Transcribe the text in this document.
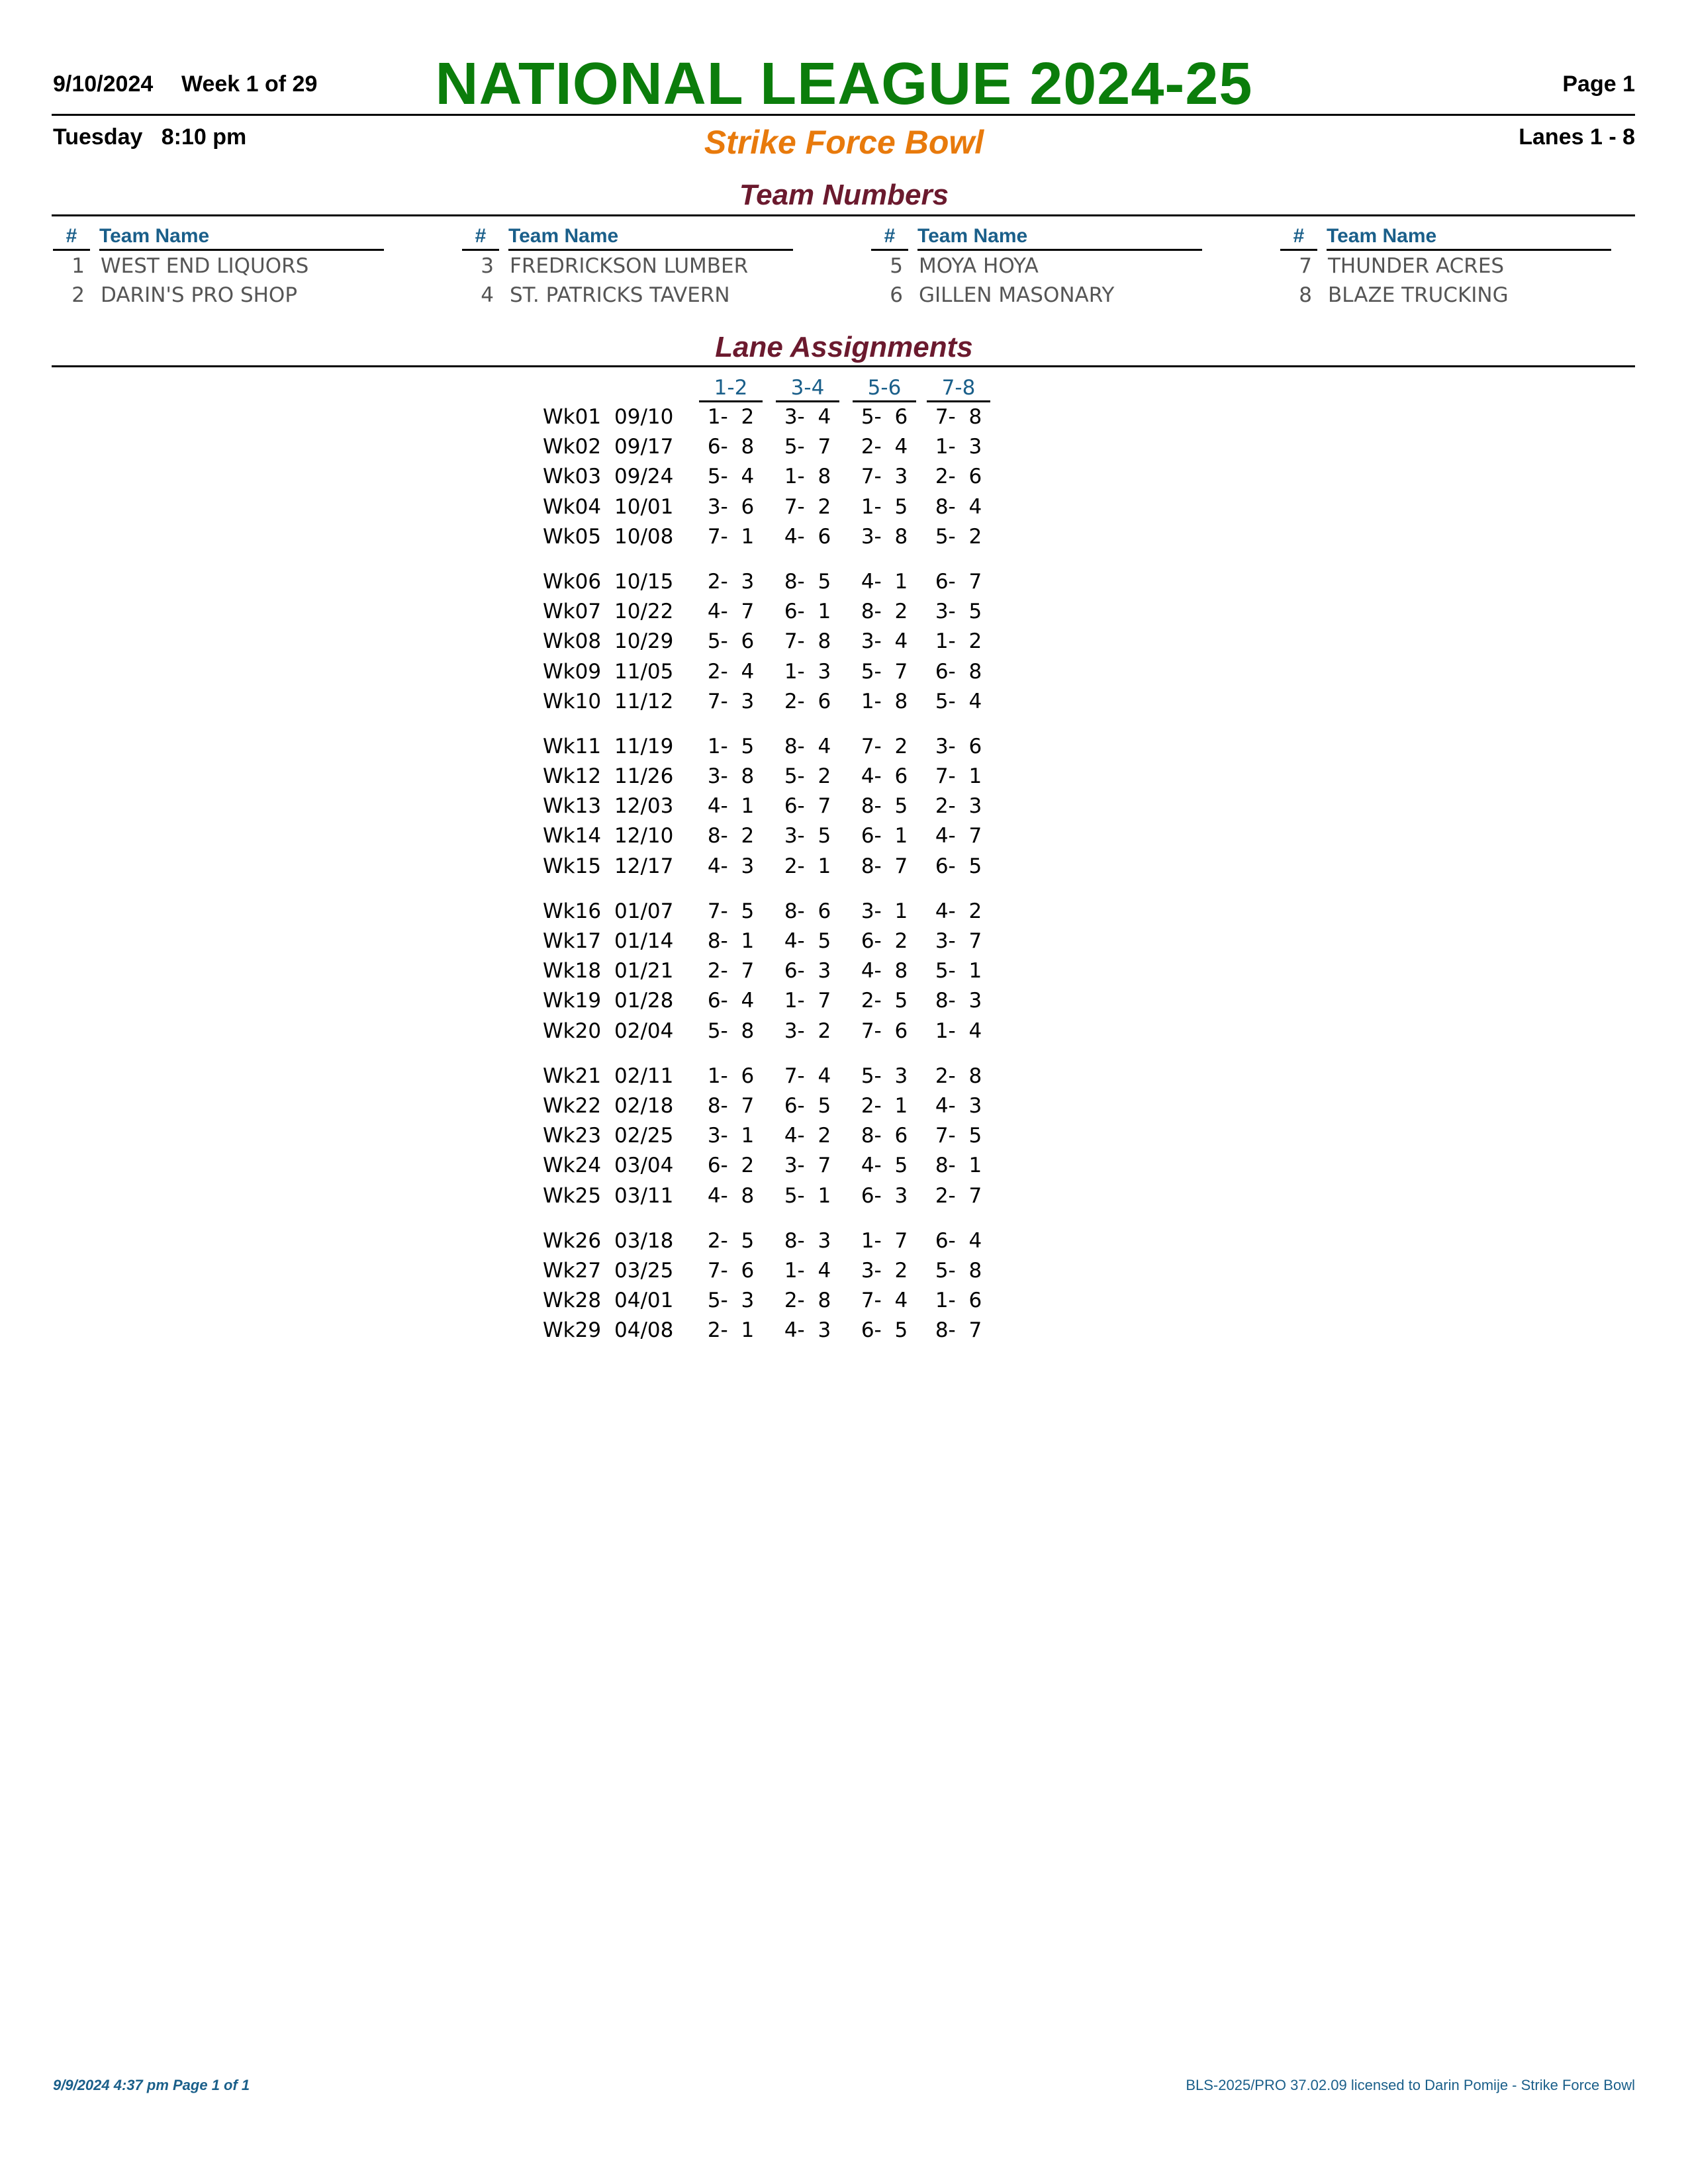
9/10/2024 Week 1 of 29	NATIONAL LEAGUE 2024-25	Page 1
Tuesday   8:10 pm	Strike Force Bowl	Lanes 1 - 8
Team Numbers
#	Team Name
1 WEST END LIQUORS
2 DARIN'S PRO SHOP
#	Team Name
3 FREDRICKSON LUMBER
4 ST. PATRICKS TAVERN
#	Team Name
5 MOYA HOYA
6 GILLEN MASONARY
#	Team Name
7 THUNDER ACRES
8 BLAZE TRUCKING
Lane Assignments
1-2	3-4	5-6	7-8
Wk01 09/10	1-  2	3-  4	5-  6	7-  8
Wk02 09/17	6-  8	5-  7	2-  4	1-  3
Wk03 09/24	5-  4	1-  8	7-  3	2-  6
Wk04 10/01	3-  6	7-  2	1-  5	8-  4
Wk05 10/08	7-  1	4-  6	3-  8	5-  2
Wk06 10/15	2-  3	8-  5	4-  1	6-  7
Wk07 10/22	4-  7	6-  1	8-  2	3-  5
Wk08 10/29	5-  6	7-  8	3-  4	1-  2
Wk09 11/05	2-  4	1-  3	5-  7	6-  8
Wk10 11/12	7-  3	2-  6	1-  8	5-  4
Wk11 11/19	1-  5	8-  4	7-  2	3-  6
Wk12 11/26	3-  8	5-  2	4-  6	7-  1
Wk13 12/03	4-  1	6-  7	8-  5	2-  3
Wk14 12/10	8-  2	3-  5	6-  1	4-  7
Wk15 12/17	4-  3	2-  1	8-  7	6-  5
Wk16 01/07	7-  5	8-  6	3-  1	4-  2
Wk17 01/14	8-  1	4-  5	6-  2	3-  7
Wk18 01/21	2-  7	6-  3	4-  8	5-  1
Wk19 01/28	6-  4	1-  7	2-  5	8-  3
Wk20 02/04	5-  8	3-  2	7-  6	1-  4
Wk21 02/11	1-  6	7-  4	5-  3	2-  8
Wk22 02/18	8-  7	6-  5	2-  1	4-  3
Wk23 02/25	3-  1	4-  2	8-  6	7-  5
Wk24 03/04	6-  2	3-  7	4-  5	8-  1
Wk25 03/11	4-  8	5-  1	6-  3	2-  7
Wk26 03/18	2-  5	8-  3	1-  7	6-  4
Wk27 03/25	7-  6	1-  4	3-  2	5-  8
Wk28 04/01	5-  3	2-  8	7-  4	1-  6
Wk29 04/08	2-  1	4-  3	6-  5	8-  7
9/9/2024 4:37 pm Page 1 of 1	BLS-2025/PRO 37.02.09 licensed to Darin Pomije - Strike Force Bowl
